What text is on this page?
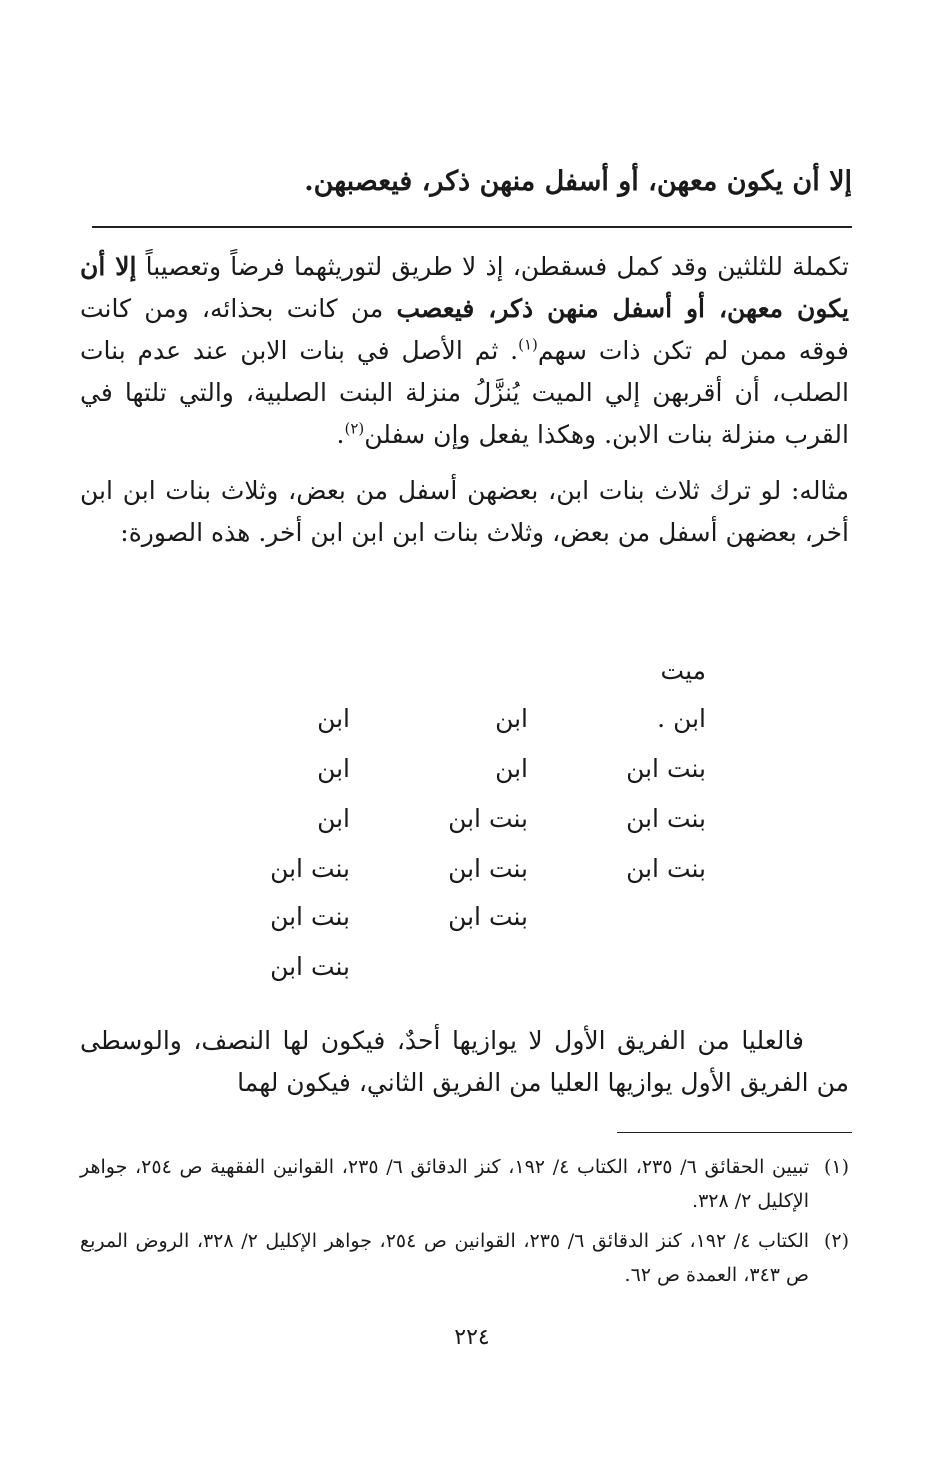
إلا أن يكون معهن، أو أسفل منهن ذكر، فيعصبهن.

تكملة للثلثين وقد كمل فسقطن، إذ لا طريق لتوريثهما فرضاً وتعصيباً إلا أن يكون معهن، أو أسفل منهن ذكر، فيعصب من كانت بحذائه، ومن كانت فوقه ممن لم تكن ذات سهم$^{(١)}$. ثم الأصل في بنات الابن عند عدم بنات الصلب، أن أقربهن إلي الميت يُنزَّلُ منزلة البنت الصلبية، والتي تلتها في القرب منزلة بنات الابن. وهكذا يفعل وإن سفلن$^{(٢)}$.

مثاله: لو ترك ثلاث بنات ابن، بعضهن أسفل من بعض، وثلاث بنات ابن ابن أخر، بعضهن أسفل من بعض، وثلاث بنات ابن ابن ابن أخر. هذه الصورة:

ميت
ابن .
بنت ابن
بنت ابن
بنت ابن
ابن
ابن
بنت ابن
بنت ابن
بنت ابن
ابن
ابن
ابن
بنت ابن
بنت ابن
بنت ابن

فالعليا من الفريق الأول لا يوازيها أحدٌ، فيكون لها النصف، والوسطى من الفريق الأول يوازيها العليا من الفريق الثاني، فيكون لهما

(١)
تبيين الحقائق ٦/ ٢٣٥، الكتاب ٤/ ١٩٢، كنز الدقائق ٦/ ٢٣٥، القوانين الفقهية ص ٢٥٤، جواهر الإكليل ٢/ ٣٢٨.
(٢)
الكتاب ٤/ ١٩٢، كنز الدقائق ٦/ ٢٣٥، القوانين ص ٢٥٤، جواهر الإكليل ٢/ ٣٢٨، الروض المربع ص ٣٤٣، العمدة ص ٦٢.
٢٢٤
